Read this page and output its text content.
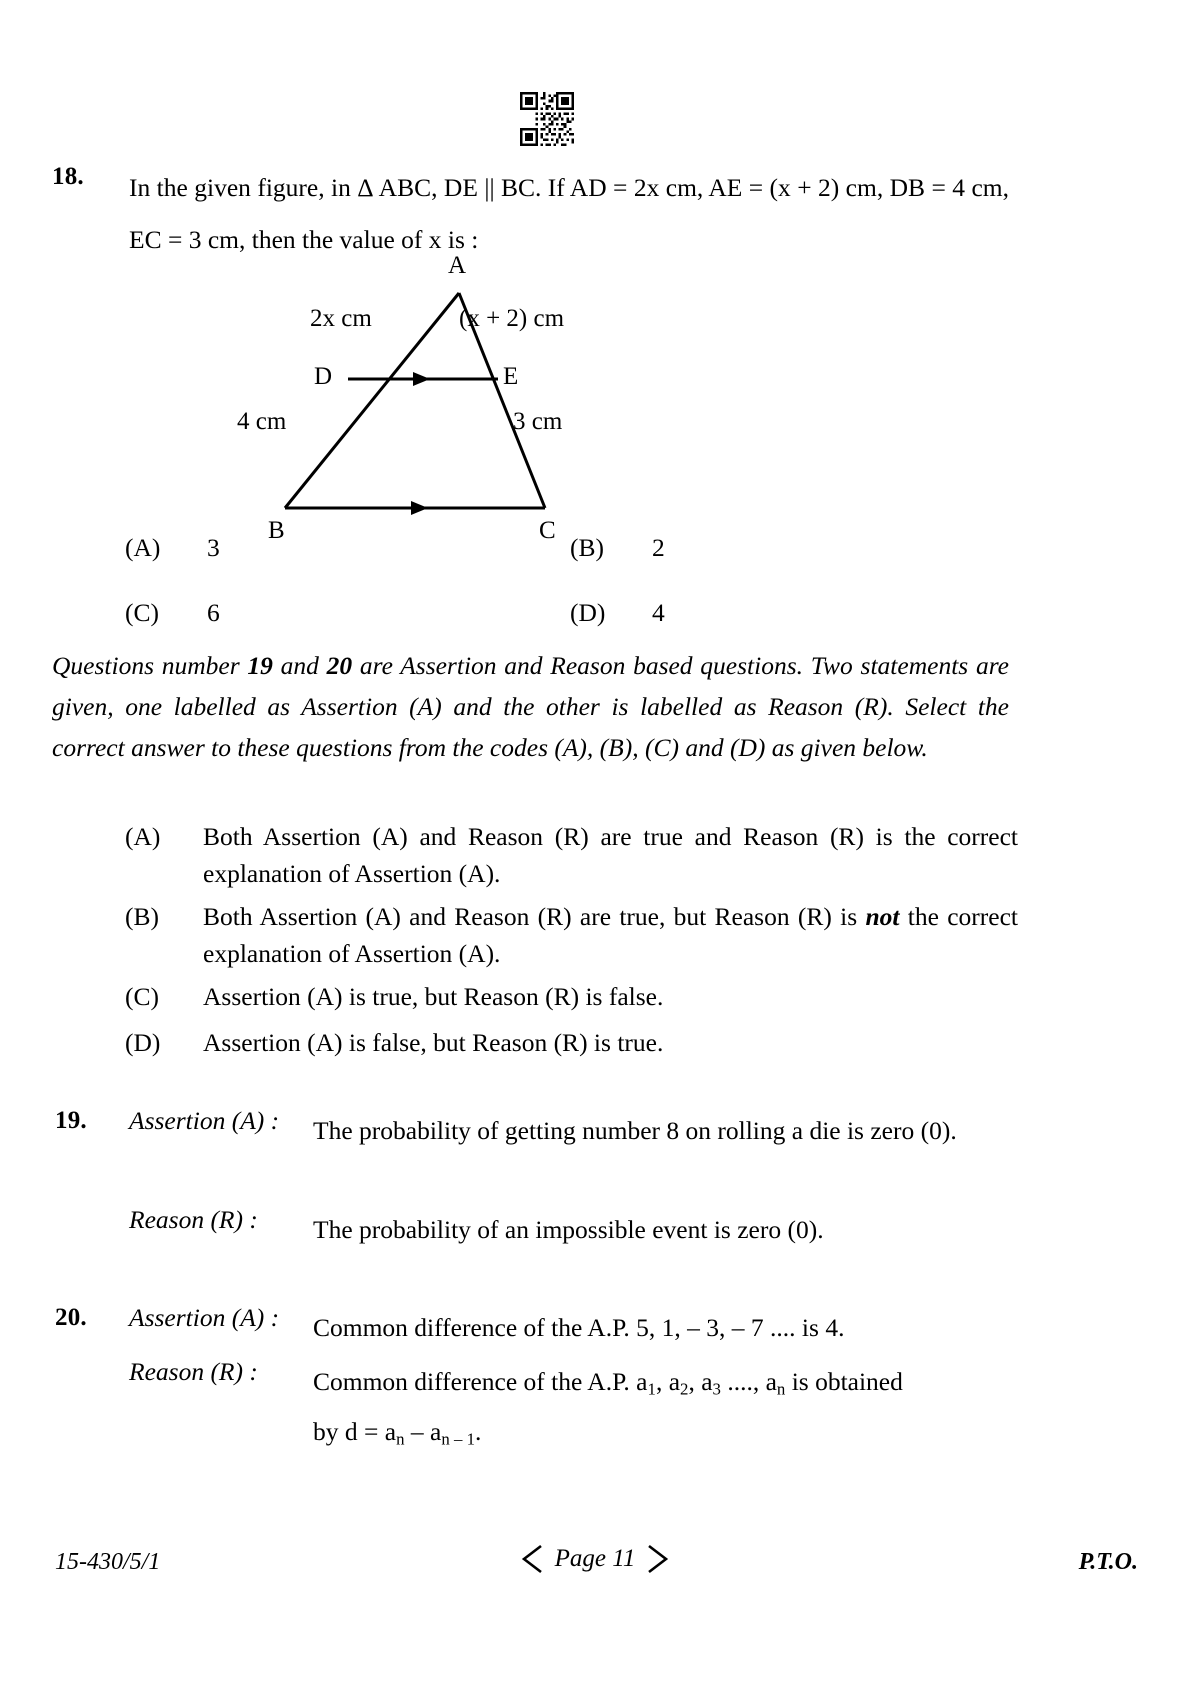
18. In the given figure, in Δ ABC, DE || BC. If AD = 2x cm, AE = (x + 2) cm, DB = 4 cm, EC = 3 cm, then the value of x is :
A
B	C
D	E
2x cm	(x + 2) cm
4 cm	3 cm
(A) 3	(B) 2
(C) 6	(D) 4
Questions number 19 and 20 are Assertion and Reason based questions. Two statements are given, one labelled as Assertion (A) and the other is labelled as Reason (R). Select the correct answer to these questions from the codes (A), (B), (C) and (D) as given below.
(A)	Both Assertion (A) and Reason (R) are true and Reason (R) is the correct explanation of Assertion (A).
(B)	Both Assertion (A) and Reason (R) are true, but Reason (R) is not the correct explanation of Assertion (A).
(C)	Assertion (A) is true, but Reason (R) is false.
(D)	Assertion (A) is false, but Reason (R) is true.
19. Assertion (A) : The probability of getting number 8 on rolling a die is zero (0).
Reason (R) : The probability of an impossible event is zero (0).
20. Assertion (A) : Common difference of the A.P. 5, 1, – 3, – 7 .... is 4.
Reason (R) : Common difference of the A.P. $a_1$, $a_2$, $a_3$ ...., $a_n$ is obtained
by $d = a_n - a_{n - 1}$.
15-430/5/1	Page 11	P.T.O.
